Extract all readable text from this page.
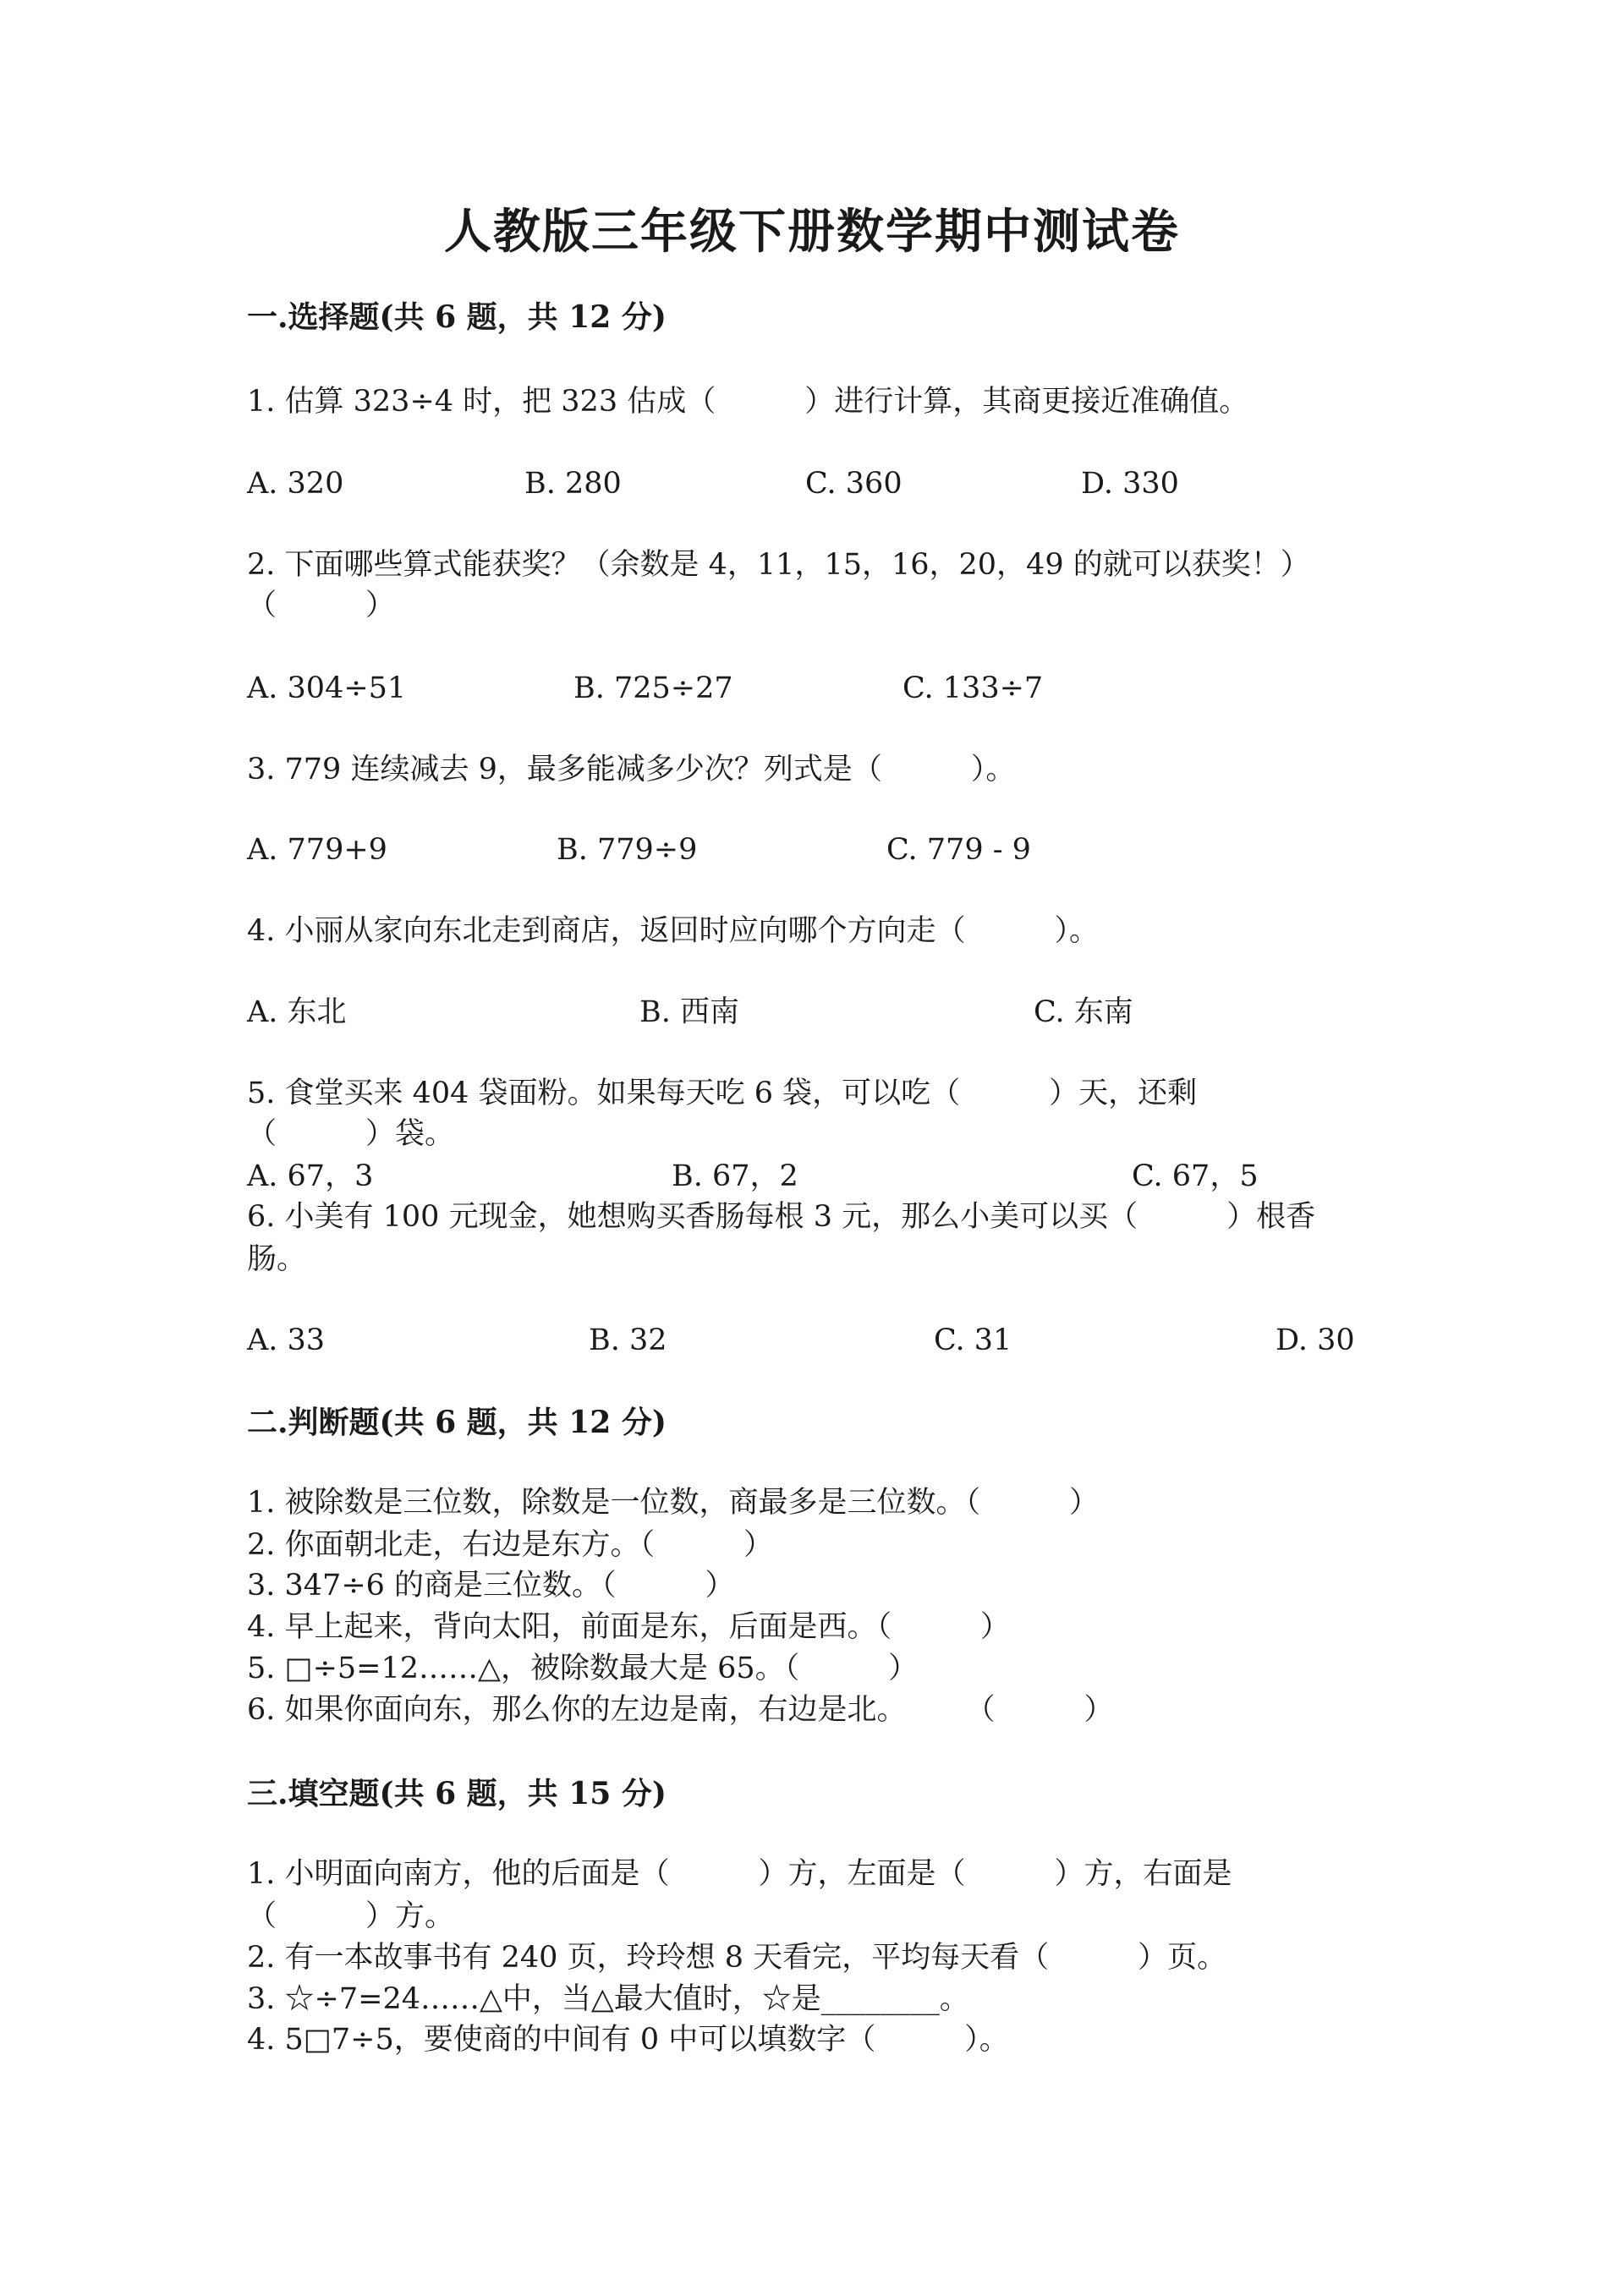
人教版三年级下册数学期中测试卷
一.选择题(共 6 题，共 12 分)
1. 估算 323÷4 时，把 323 估成（　　　）进行计算，其商更接近准确值。
A. 320	B. 280	C. 360	D. 330
2. 下面哪些算式能获奖？（余数是 4，11，15，16，20，49 的就可以获奖！）
（　　　）
A. 304÷51	B. 725÷27	C. 133÷7
3. 779 连续减去 9，最多能减多少次？列式是（　　　）。
A. 779+9	B. 779÷9	C. 779 - 9
4. 小丽从家向东北走到商店，返回时应向哪个方向走（　　　）。
A. 东北	B. 西南	C. 东南
5. 食堂买来 404 袋面粉。如果每天吃 6 袋，可以吃（　　　）天，还剩
（　　　）袋。
A. 67，3	B. 67，2	C. 67，5
6. 小美有 100 元现金，她想购买香肠每根 3 元，那么小美可以买（　　　）根香
肠。
A. 33	B. 32	C. 31	D. 30
二.判断题(共 6 题，共 12 分)
1. 被除数是三位数，除数是一位数，商最多是三位数。（　　　）
2. 你面朝北走，右边是东方。（　　　）
3. 347÷6 的商是三位数。（　　　）
4. 早上起来，背向太阳，前面是东，后面是西。（　　　）
5. □÷5=12……△，被除数最大是 65。（　　　）
6. 如果你面向东，那么你的左边是南，右边是北。　　　（　　　）
三.填空题(共 6 题，共 15 分)
1. 小明面向南方，他的后面是（　　　）方，左面是（　　　）方，右面是
（　　　）方。
2. 有一本故事书有 240 页，玲玲想 8 天看完，平均每天看（　　　）页。
3. ☆÷7=24……△中，当△最大值时，☆是________。
4. 5□7÷5，要使商的中间有 0 中可以填数字（　　　）。
